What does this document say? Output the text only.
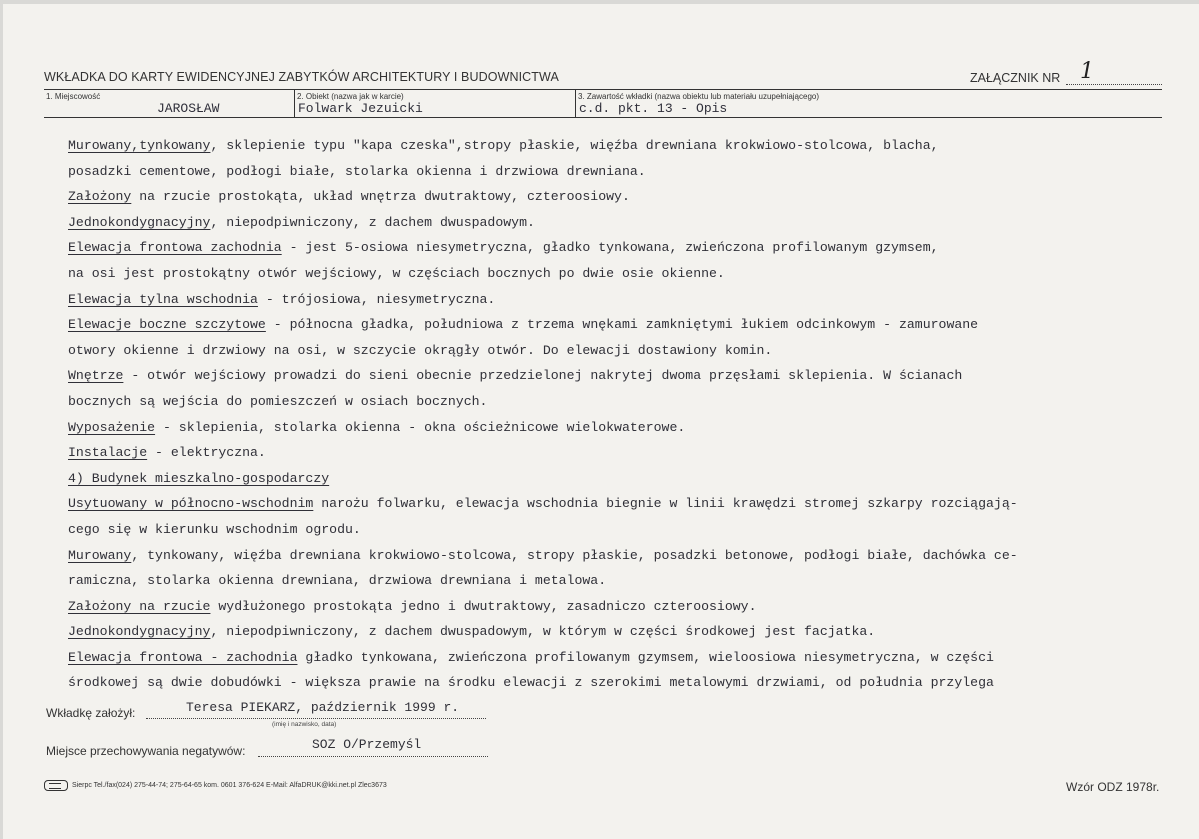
WKŁADKA DO KARTY EWIDENCYJNEJ ZABYTKÓW ARCHITEKTURY I BUDOWNICTWA	ZAŁĄCZNIK NR 1
1. Miejscowość
JAROSŁAW
2. Obiekt (nazwa jak w karcie)
Folwark Jezuicki
3. Zawartość wkładki (nazwa obiektu lub materiału uzupełniającego)
c.d. pkt. 13 - Opis
Murowany,tynkowany, sklepienie typu "kapa czeska",stropy płaskie, więźba drewniana krokwiowo-stolcowa, blacha,
posadzki cementowe, podłogi białe, stolarka okienna i drzwiowa drewniana.
Założony na rzucie prostokąta, układ wnętrza dwutraktowy, czteroosiowy.
Jednokondygnacyjny, niepodpiwniczony, z dachem dwuspadowym.
Elewacja frontowa zachodnia - jest 5-osiowa niesymetryczna, gładko tynkowana, zwieńczona profilowanym gzymsem,
na osi jest prostokątny otwór wejściowy, w częściach bocznych po dwie osie okienne.
Elewacja tylna wschodnia - trójosiowa, niesymetryczna.
Elewacje boczne szczytowe - północna gładka, południowa z trzema wnękami zamkniętymi łukiem odcinkowym - zamurowane
otwory okienne i drzwiowy na osi, w szczycie okrągły otwór. Do elewacji dostawiony komin.
Wnętrze - otwór wejściowy prowadzi do sieni obecnie przedzielonej nakrytej dwoma przęsłami sklepienia. W ścianach
bocznych są wejścia do pomieszczeń w osiach bocznych.
Wyposażenie - sklepienia, stolarka okienna - okna ościeżnicowe wielokwaterowe.
Instalacje - elektryczna.
4) Budynek mieszkalno-gospodarczy
Usytuowany w północno-wschodnim narożu folwarku, elewacja wschodnia biegnie w linii krawędzi stromej szkarpy rozciągają-
cego się w kierunku wschodnim ogrodu.
Murowany, tynkowany, więźba drewniana krokwiowo-stolcowa, stropy płaskie, posadzki betonowe, podłogi białe, dachówka ce-
ramiczna, stolarka okienna drewniana, drzwiowa drewniana i metalowa.
Założony na rzucie wydłużonego prostokąta jedno i dwutraktowy, zasadniczo czteroosiowy.
Jednokondygnacyjny, niepodpiwniczony, z dachem dwuspadowym, w którym w części środkowej jest facjatka.
Elewacja frontowa - zachodnia gładko tynkowana, zwieńczona profilowanym gzymsem, wieloosiowa niesymetryczna, w części
środkowej są dwie dobudówki - większa prawie na środku elewacji z szerokimi metalowymi drzwiami, od południa przylega
Wkładkę założył:	Teresa PIEKARZ, październik 1999 r.
(imię i nazwisko, data)
Miejsce przechowywania negatywów:	SOZ O/Przemyśl
Sierpc Tel./fax(024) 275-44-74; 275-64-65 kom. 0601 376-624 E-Mail: AlfaDRUK@kki.net.pl Zlec3673	Wzór ODZ 1978r.
